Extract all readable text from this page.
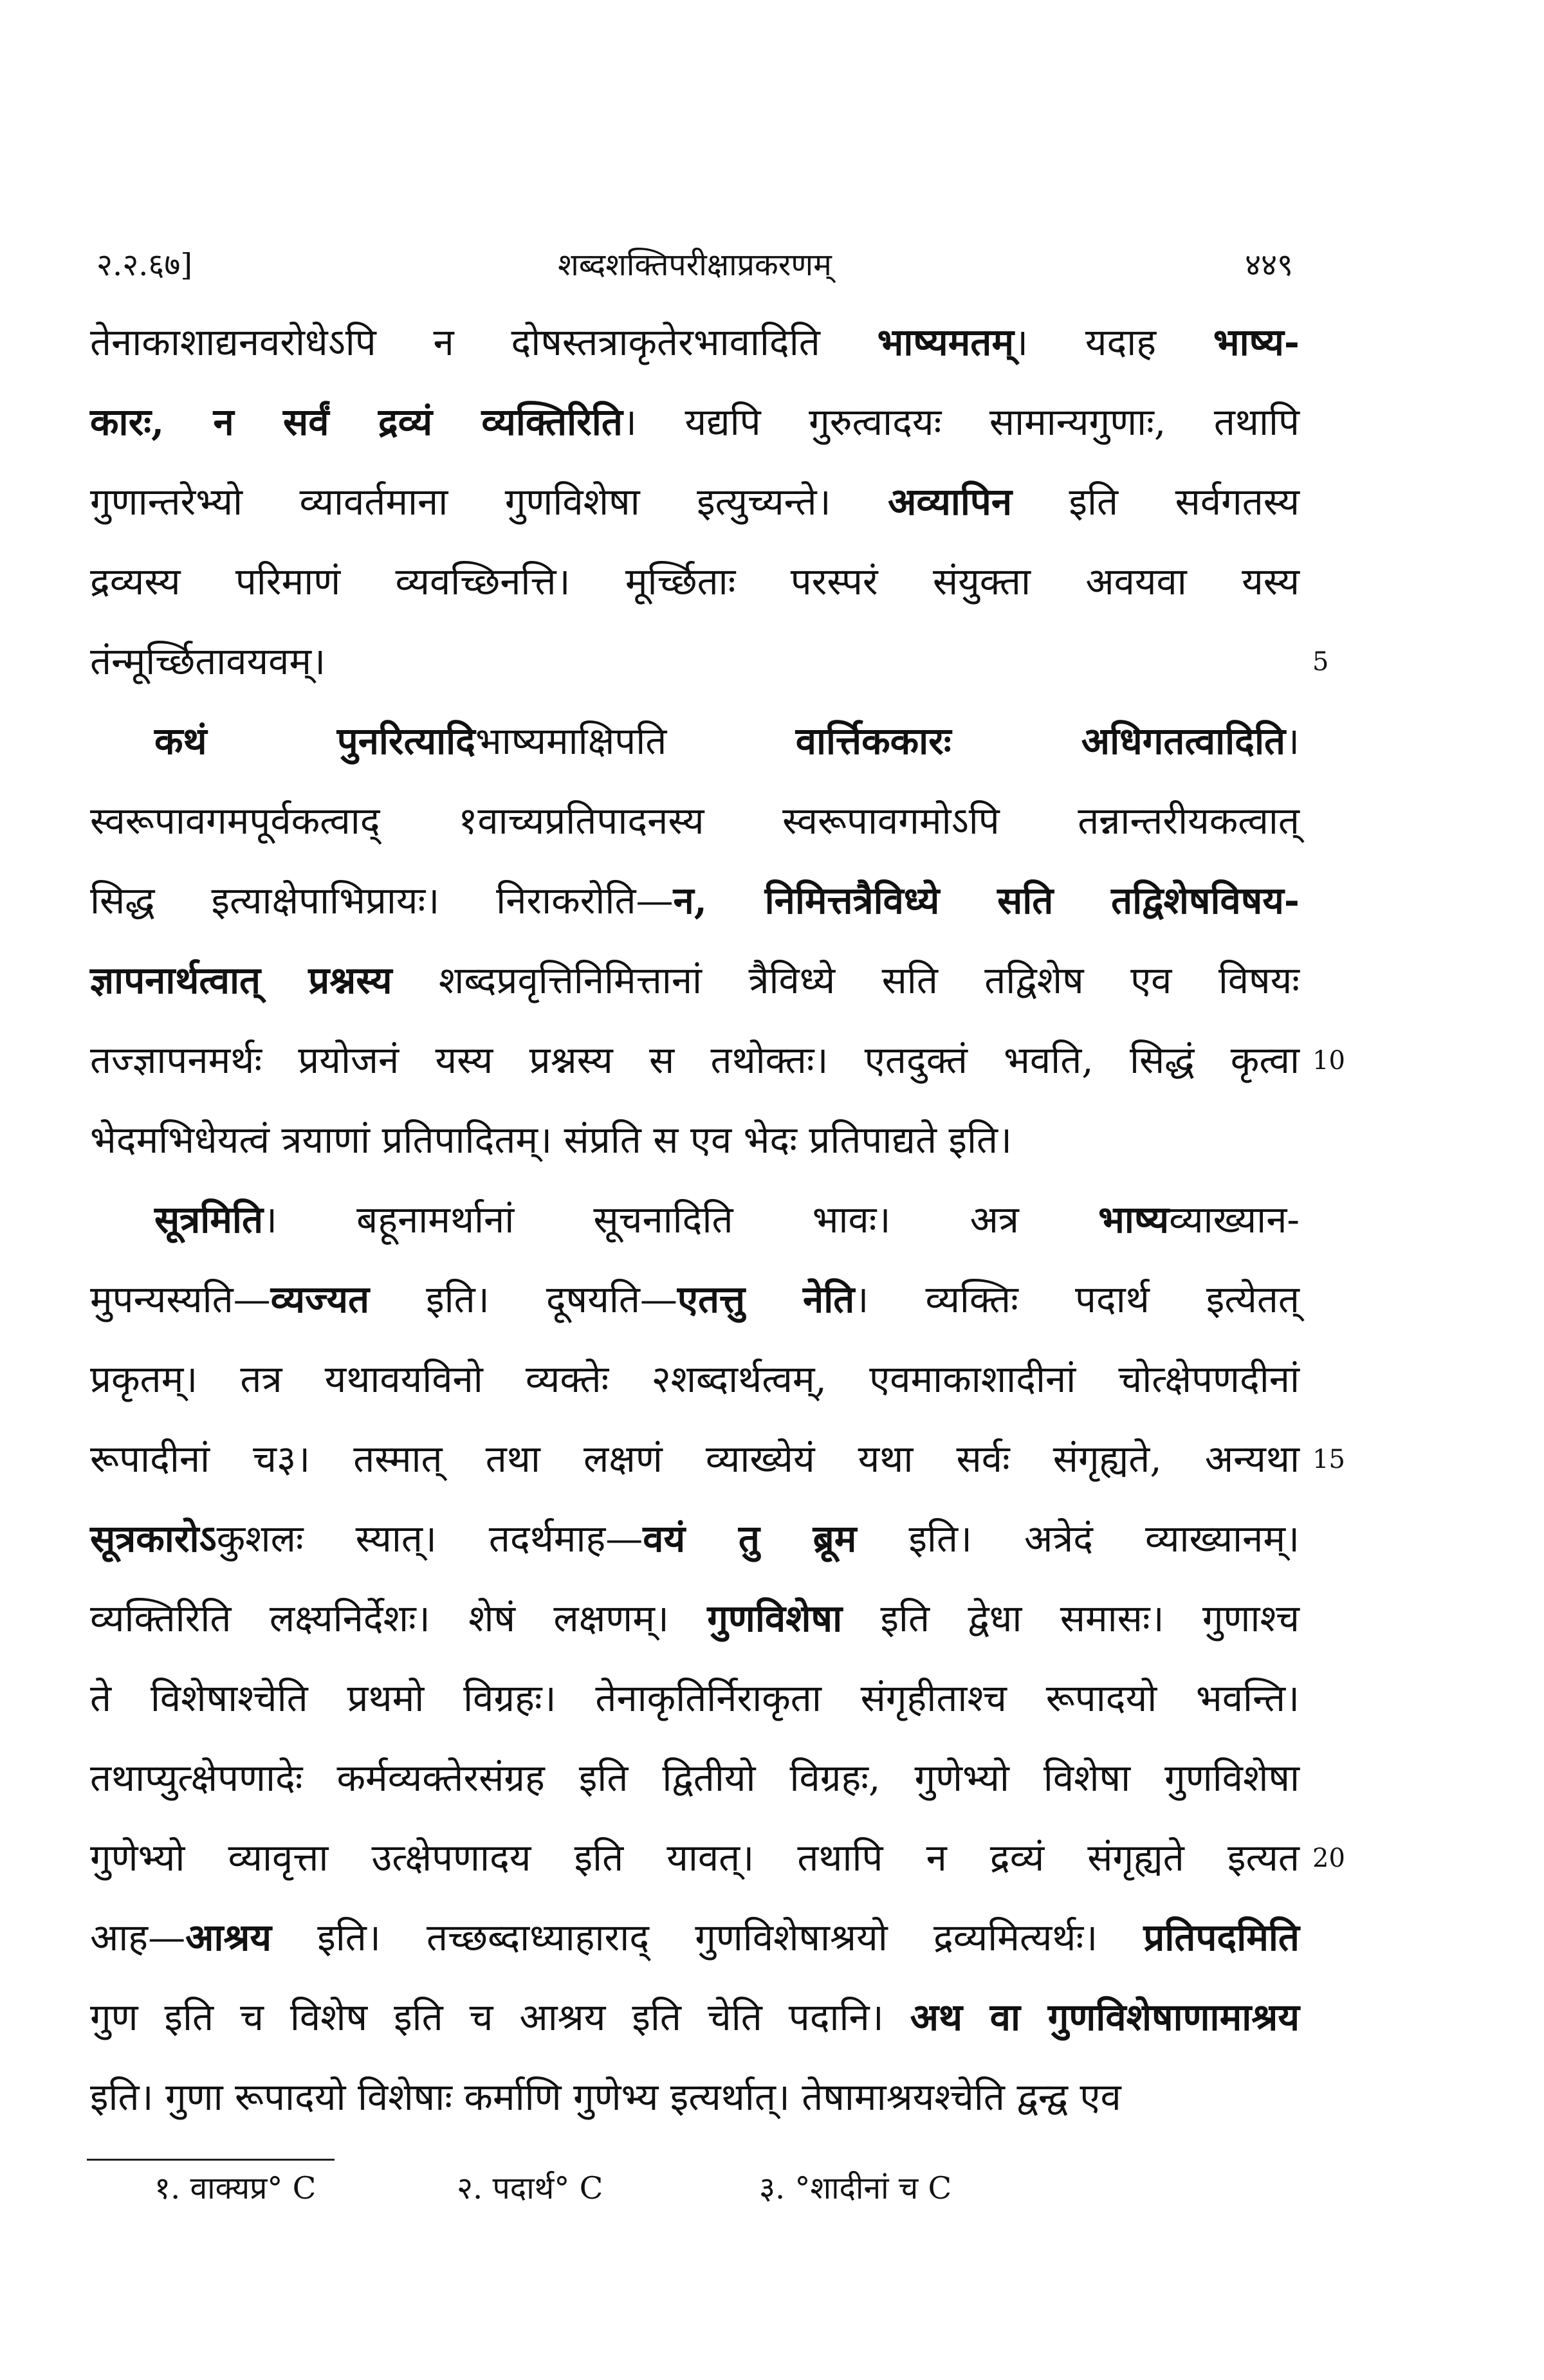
२.२.६७]	शब्दशक्तिपरीक्षाप्रकरणम्	४४९
तेनाकाशाद्यनवरोधेऽपि न दोषस्तत्राकृतेरभावादिति भाष्यमतम्। यदाह भाष्य-
कारः, न सर्वं द्रव्यं व्यक्तिरिति। यद्यपि गुरुत्वादयः सामान्यगुणाः, तथापि
गुणान्तरेभ्यो व्यावर्तमाना गुणविशेषा इत्युच्यन्ते। अव्यापिन इति सर्वगतस्य
द्रव्यस्य परिमाणं व्यवच्छिनत्ति। मूर्च्छिताः परस्परं संयुक्ता अवयवा यस्य
तंन्मूर्च्छितावयवम्।
कथं पुनरित्यादिभाष्यमाक्षिपति वार्त्तिककारः अधिगतत्वादिति।
स्वरूपावगमपूर्वकत्वाद् १वाच्यप्रतिपादनस्य स्वरूपावगमोऽपि तन्नान्तरीयकत्वात्
सिद्ध इत्याक्षेपाभिप्रायः। निराकरोति—न, निमित्तत्रैविध्ये सति तद्विशेषविषय-
ज्ञापनार्थत्वात् प्रश्नस्य शब्दप्रवृत्तिनिमित्तानां त्रैविध्ये सति तद्विशेष एव विषयः
तज्ज्ञापनमर्थः प्रयोजनं यस्य प्रश्नस्य स तथोक्तः। एतदुक्तं भवति, सिद्धं कृत्वा
भेदमभिधेयत्वं त्रयाणां प्रतिपादितम्। संप्रति स एव भेदः प्रतिपाद्यते इति।
सूत्रमिति। बहूनामर्थानां सूचनादिति भावः। अत्र भाष्यव्याख्यान-
मुपन्यस्यति—व्यज्यत इति। दूषयति—एतत्तु नेति। व्यक्तिः पदार्थ इत्येतत्
प्रकृतम्। तत्र यथावयविनो व्यक्तेः २शब्दार्थत्वम्, एवमाकाशादीनां चोत्क्षेपणदीनां
रूपादीनां च३। तस्मात् तथा लक्षणं व्याख्येयं यथा सर्वः संगृह्यते, अन्यथा
सूत्रकारोऽकुशलः स्यात्। तदर्थमाह—वयं तु ब्रूम इति। अत्रेदं व्याख्यानम्।
व्यक्तिरिति लक्ष्यनिर्देशः। शेषं लक्षणम्। गुणविशेषा इति द्वेधा समासः। गुणाश्च
ते विशेषाश्चेति प्रथमो विग्रहः। तेनाकृतिर्निराकृता संगृहीताश्च रूपादयो भवन्ति।
तथाप्युत्क्षेपणादेः कर्मव्यक्तेरसंग्रह इति द्वितीयो विग्रहः, गुणेभ्यो विशेषा गुणविशेषा
गुणेभ्यो व्यावृत्ता उत्क्षेपणादय इति यावत्। तथापि न द्रव्यं संगृह्यते इत्यत
आह—आश्रय इति। तच्छब्दाध्याहाराद् गुणविशेषाश्रयो द्रव्यमित्यर्थः। प्रतिपदमिति
गुण इति च विशेष इति च आश्रय इति चेति पदानि। अथ वा गुणविशेषाणामाश्रय
इति। गुणा रूपादयो विशेषाः कर्माणि गुणेभ्य इत्यर्थात्। तेषामाश्रयश्चेति द्वन्द्व एव
5
10
15
20
१. वाक्यप्र° C	२. पदार्थ° C	३. °शादीनां च C
